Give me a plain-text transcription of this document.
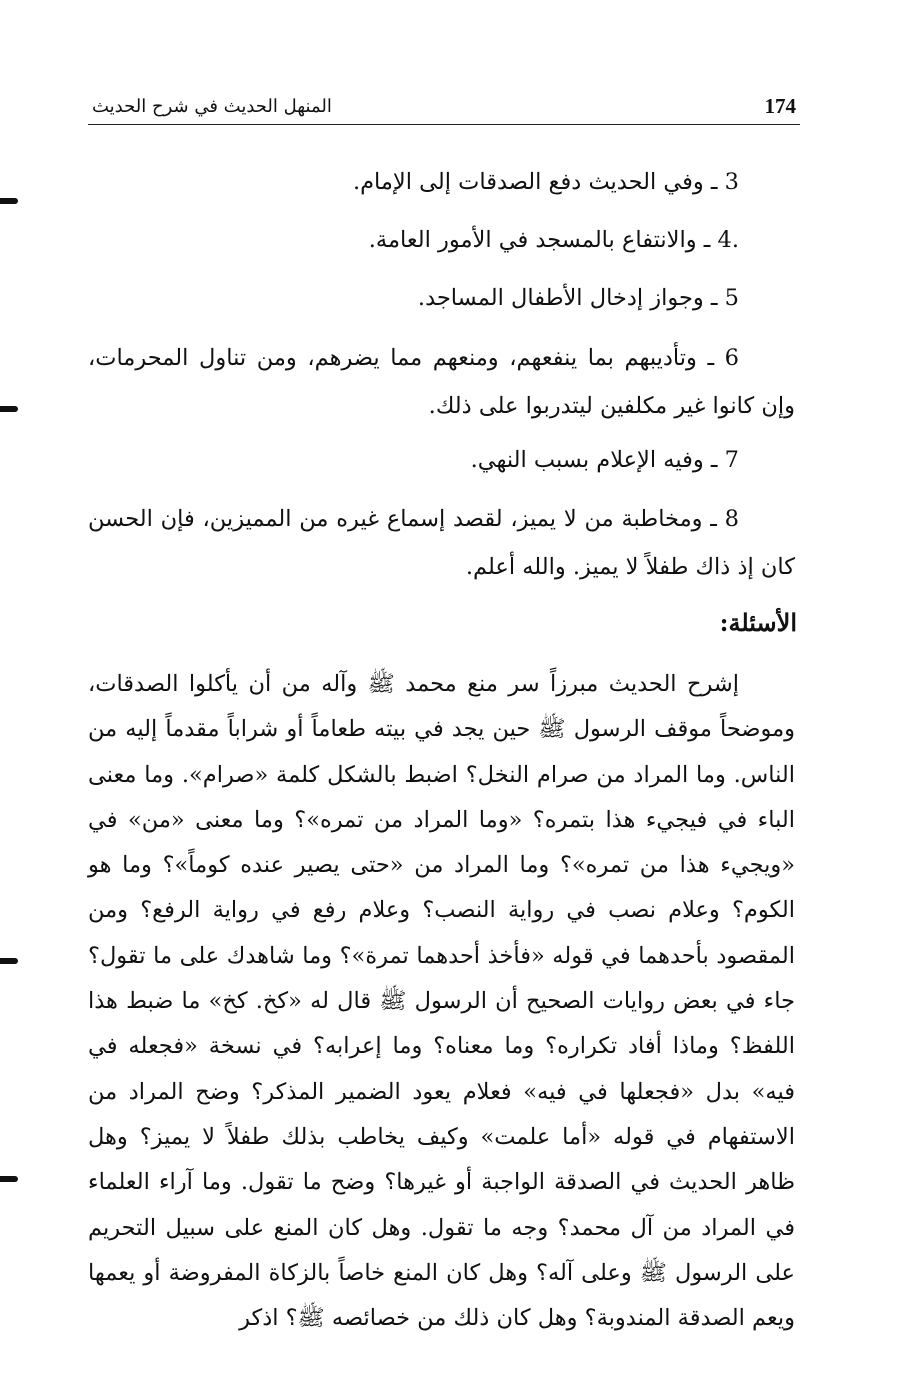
المنهل الحديث في شرح الحديث	174

3 ـ وفي الحديث دفع الصدقات إلى الإمام.

.4 ـ والانتفاع بالمسجد في الأمور العامة.

5 ـ وجواز إدخال الأطفال المساجد.

6 ـ وتأديبهم بما ينفعهم، ومنعهم مما يضرهم، ومن تناول المحرمات، وإن كانوا غير مكلفين ليتدربوا على ذلك.

7 ـ وفيه الإعلام بسبب النهي.

8 ـ ومخاطبة من لا يميز، لقصد إسماع غيره من المميزين، فإن الحسن كان إذ ذاك طفلاً لا يميز. والله أعلم.

الأسئلة:

إشرح الحديث مبرزاً سر منع محمد ﷺ وآله من أن يأكلوا الصدقات، وموضحاً موقف الرسول ﷺ حين يجد في بيته طعاماً أو شراباً مقدماً إليه من الناس. وما المراد من صرام النخل؟ اضبط بالشكل كلمة «صرام». وما معنى الباء في فيجيء هذا بتمره؟ «وما المراد من تمره»؟ وما معنى «من» في «ويجيء هذا من تمره»؟ وما المراد من «حتى يصير عنده كوماً»؟ وما هو الكوم؟ وعلام نصب في رواية النصب؟ وعلام رفع في رواية الرفع؟ ومن المقصود بأحدهما في قوله «فأخذ أحدهما تمرة»؟ وما شاهدك على ما تقول؟ جاء في بعض روايات الصحيح أن الرسول ﷺ قال له «كخ. كخ» ما ضبط هذا اللفظ؟ وماذا أفاد تكراره؟ وما معناه؟ وما إعرابه؟ في نسخة «فجعله في فيه» بدل «فجعلها في فيه» فعلام يعود الضمير المذكر؟ وضح المراد من الاستفهام في قوله «أما علمت» وكيف يخاطب بذلك طفلاً لا يميز؟ وهل ظاهر الحديث في الصدقة الواجبة أو غيرها؟ وضح ما تقول. وما آراء العلماء في المراد من آل محمد؟ وجه ما تقول. وهل كان المنع على سبيل التحريم على الرسول ﷺ وعلى آله؟ وهل كان المنع خاصاً بالزكاة المفروضة أو يعمها ويعم الصدقة المندوبة؟ وهل كان ذلك من خصائصه ﷺ؟ اذكر
